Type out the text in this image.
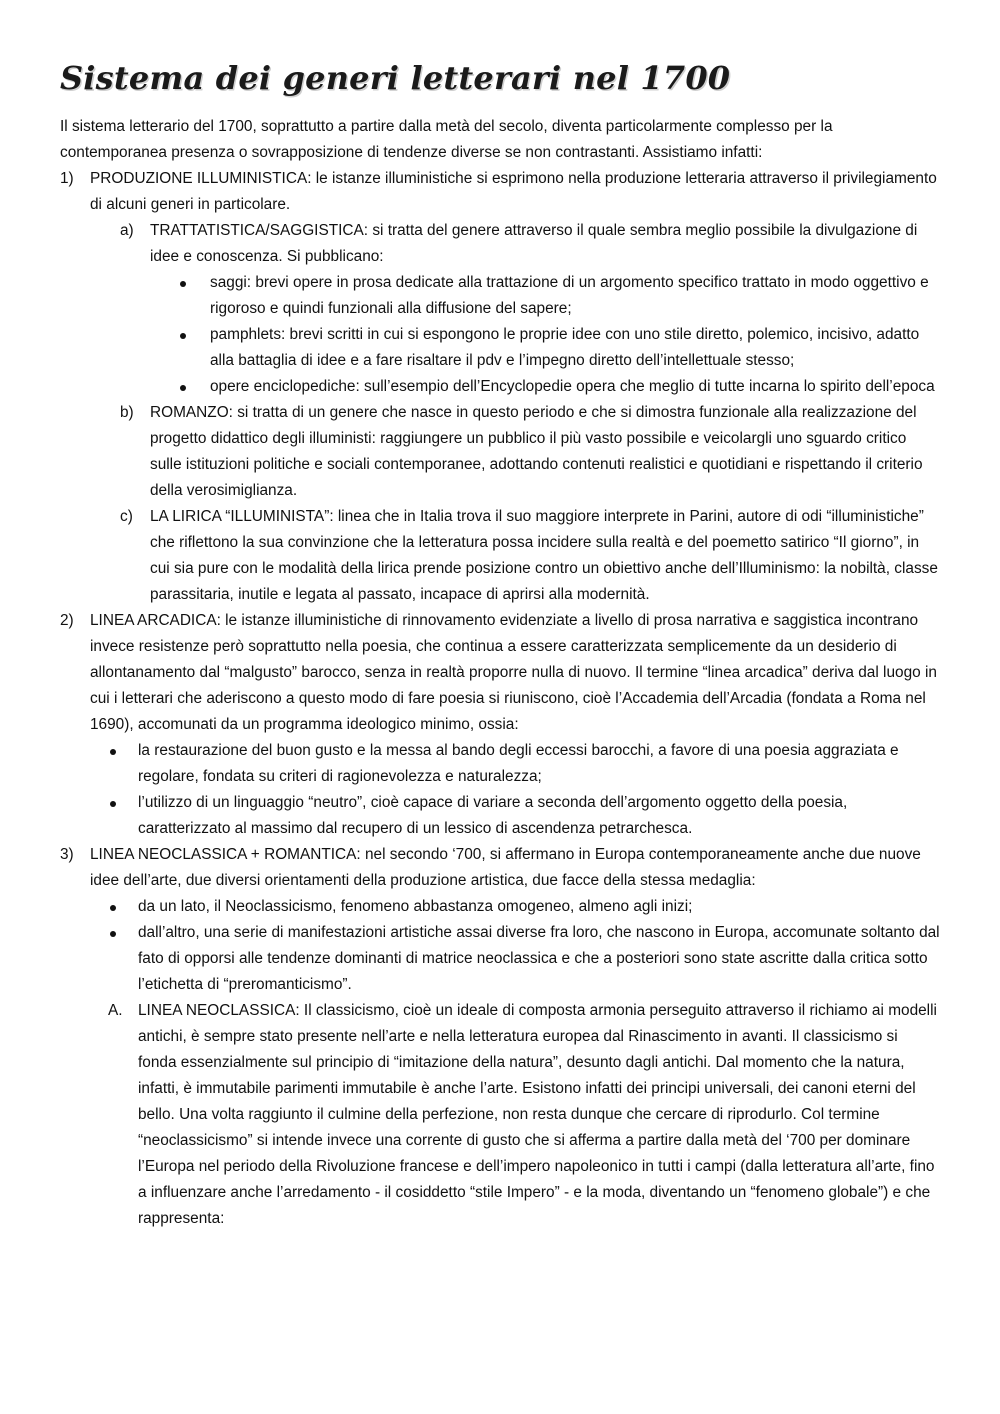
Sistema dei generi letterari nel 1700

Il sistema letterario del 1700, soprattutto a partire dalla metà del secolo, diventa particolarmente complesso per la contemporanea presenza o sovrapposizione di tendenze diverse se non contrastanti. Assistiamo infatti:

1)	PRODUZIONE ILLUMINISTICA: le istanze illuministiche si esprimono nella produzione letteraria attraverso il privilegiamento di alcuni generi in particolare.
a)	TRATTATISTICA/SAGGISTICA: si tratta del genere attraverso il quale sembra meglio possibile la divulgazione di idee e conoscenza. Si pubblicano:
saggi: brevi opere in prosa dedicate alla trattazione di un argomento specifico trattato in modo oggettivo e rigoroso e quindi funzionali alla diffusione del sapere;
pamphlets: brevi scritti in cui si espongono le proprie idee con uno stile diretto, polemico, incisivo, adatto alla battaglia di idee e a fare risaltare il pdv e l’impegno diretto dell’intellettuale stesso;
opere enciclopediche: sull’esempio dell’Encyclopedie opera che meglio di tutte incarna lo spirito dell’epoca
b)	ROMANZO: si tratta di un genere che nasce in questo periodo e che si dimostra funzionale alla realizzazione del progetto didattico degli illuministi: raggiungere un pubblico il più vasto possibile e veicolargli uno sguardo critico sulle istituzioni politiche e sociali contemporanee, adottando contenuti realistici e quotidiani e rispettando il criterio della verosimiglianza.
c)	LA LIRICA “ILLUMINISTA”: linea che in Italia trova il suo maggiore interprete in Parini, autore di odi “illuministiche” che riflettono la sua convinzione che la letteratura possa incidere sulla realtà e del poemetto satirico “Il giorno”, in cui sia pure con le modalità della lirica prende posizione contro un obiettivo anche dell’Illuminismo: la nobiltà, classe parassitaria, inutile e legata al passato, incapace di aprirsi alla modernità.
2)	LINEA ARCADICA: le istanze illuministiche di rinnovamento evidenziate a livello di prosa narrativa e saggistica incontrano invece resistenze però soprattutto nella poesia, che continua a essere caratterizzata semplicemente da un desiderio di allontanamento dal “malgusto” barocco, senza in realtà proporre nulla di nuovo. Il termine “linea arcadica” deriva dal luogo in cui i letterari che aderiscono a questo modo di fare poesia si riuniscono, cioè l’Accademia dell’Arcadia (fondata a Roma nel 1690), accomunati da un programma ideologico minimo, ossia:
la restaurazione del buon gusto e la messa al bando degli eccessi barocchi, a favore di una poesia aggraziata e regolare, fondata su criteri di ragionevolezza e naturalezza;
l’utilizzo di un linguaggio “neutro”, cioè capace di variare a seconda dell’argomento oggetto della poesia, caratterizzato al massimo dal recupero di un lessico di ascendenza petrarchesca.
3)	LINEA NEOCLASSICA + ROMANTICA: nel secondo ‘700, si affermano in Europa contemporaneamente anche due nuove idee dell’arte, due diversi orientamenti della produzione artistica, due facce della stessa medaglia:
da un lato, il Neoclassicismo, fenomeno abbastanza omogeneo, almeno agli inizi;
dall’altro, una serie di manifestazioni artistiche assai diverse fra loro, che nascono in Europa, accomunate soltanto dal fato di opporsi alle tendenze dominanti di matrice neoclassica e che a posteriori sono state ascritte dalla critica sotto l’etichetta di “preromanticismo”.
A.	LINEA NEOCLASSICA: Il classicismo, cioè un ideale di composta armonia perseguito attraverso il richiamo ai modelli antichi, è sempre stato presente nell’arte e nella letteratura europea dal Rinascimento in avanti. Il classicismo si fonda essenzialmente sul principio di “imitazione della natura”, desunto dagli antichi. Dal momento che la natura, infatti, è immutabile parimenti immutabile è anche l’arte. Esistono infatti dei principi universali, dei canoni eterni del bello. Una volta raggiunto il culmine della perfezione, non resta dunque che cercare di riprodurlo. Col termine “neoclassicismo” si intende invece una corrente di gusto che si afferma a partire dalla metà del ‘700 per dominare l’Europa nel periodo della Rivoluzione francese e dell’impero napoleonico in tutti i campi (dalla letteratura all’arte, fino a influenzare anche l’arredamento - il cosiddetto “stile Impero” - e la moda, diventando un “fenomeno globale”) e che rappresenta:
